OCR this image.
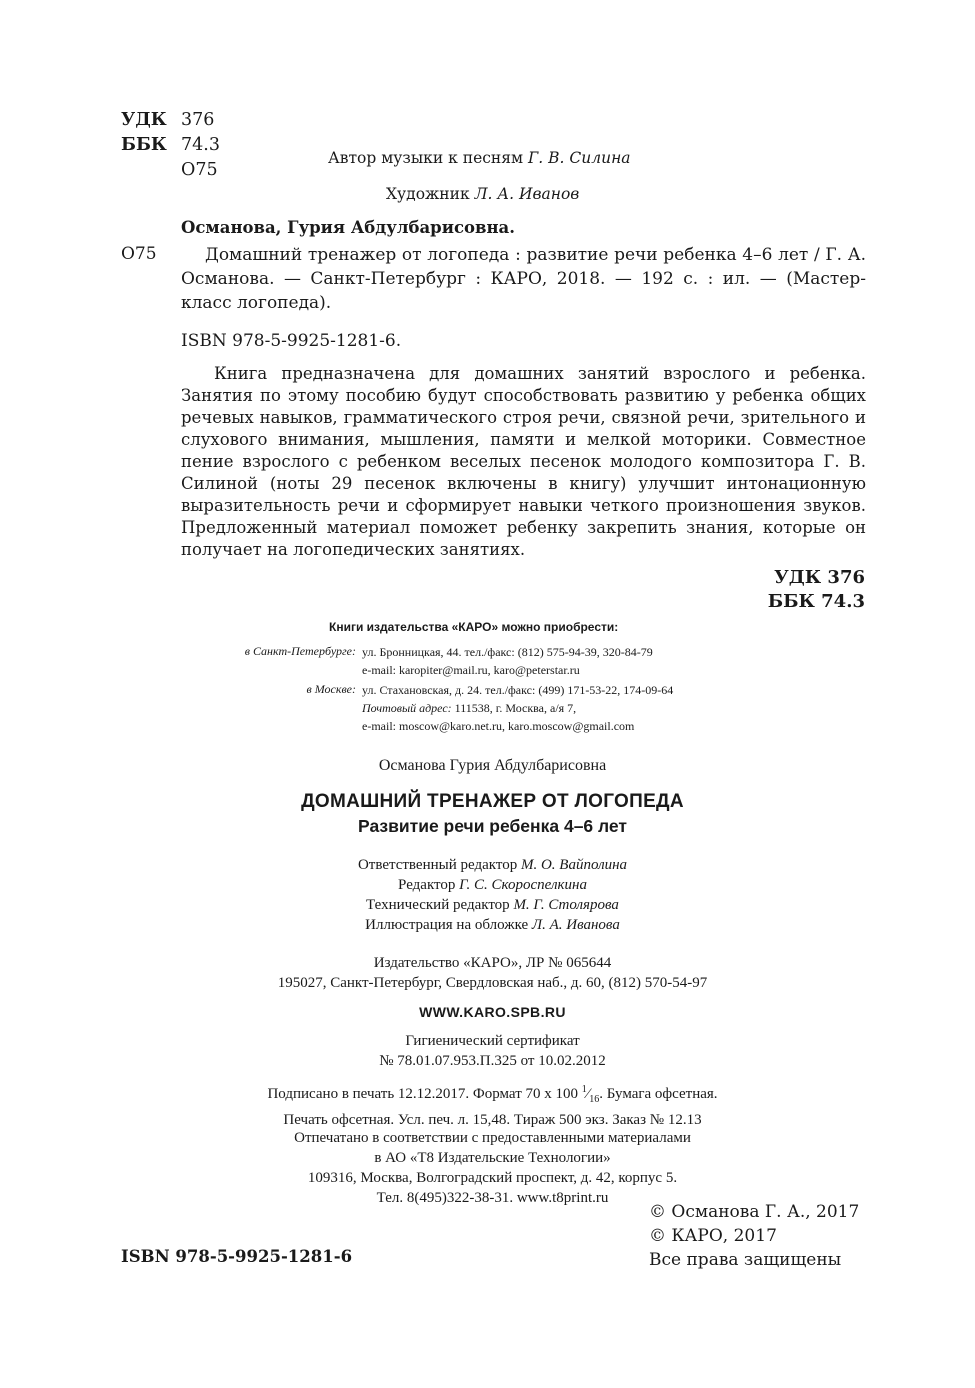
УДК 376
ББК 74.3
О75
Автор музыки к песням Г. В. Силина
Художник Л. А. Иванов
Османова, Гурия Абдулбарисовна.
О75	Домашний тренажер от логопеда : развитие речи ребенка 4–6 лет / Г. А. Османова. — Санкт-Петербург : КАРО, 2018. — 192 с. : ил. — (Мастер-класс логопеда).

ISBN 978-5-9925-1281-6.

Книга предназначена для домашних занятий взрослого и ребенка. Занятия по этому пособию будут способствовать развитию у ребенка общих речевых навыков, грамматического строя речи, связной речи, зрительного и слухового внимания, мышления, памяти и мелкой моторики. Совместное пение взрослого с ребенком веселых песенок молодого композитора Г. В. Силиной (ноты 29 песенок включены в книгу) улучшит интонационную выразительность речи и сформирует навыки четкого произношения звуков. Предложенный материал поможет ребенку закрепить знания, которые он получает на логопедических занятиях.

УДК 376
ББК 74.3
Книги издательства «КАРО» можно приобрести:
в Санкт-Петербурге: ул. Бронницкая, 44. тел./факс: (812) 575-94-39, 320-84-79
e-mail: karopiter@mail.ru, karo@peterstar.ru
в Москве: ул. Стахановская, д. 24. тел./факс: (499) 171-53-22, 174-09-64
Почтовый адрес: 111538, г. Москва, а/я 7,
e-mail: moscow@karo.net.ru, karo.moscow@gmail.com
Османова Гурия Абдулбарисовна
ДОМАШНИЙ ТРЕНАЖЕР ОТ ЛОГОПЕДА
Развитие речи ребенка 4–6 лет
Ответственный редактор М. О. Вайполина
Редактор Г. С. Скороспелкина
Технический редактор М. Г. Столярова
Иллюстрация на обложке Л. А. Иванова
Издательство «КАРО», ЛР № 065644
195027, Санкт-Петербург, Свердловская наб., д. 60, (812) 570-54-97
WWW.KARO.SPB.RU
Гигиенический сертификат
№ 78.01.07.953.П.325 от 10.02.2012
Подписано в печать 12.12.2017. Формат 70 x 100 $^1⁄_{16}$. Бумага офсетная.
Печать офсетная. Усл. печ. л. 15,48. Тираж 500 экз. Заказ № 12.13
Отпечатано в соответствии с предоставленными материалами
в АО «Т8 Издательские Технологии»
109316, Москва, Волгоградский проспект, д. 42, корпус 5.
Тел. 8(495)322-38-31. www.t8print.ru
© Османова Г. А., 2017
© КАРО, 2017
Все права защищены
ISBN 978-5-9925-1281-6
